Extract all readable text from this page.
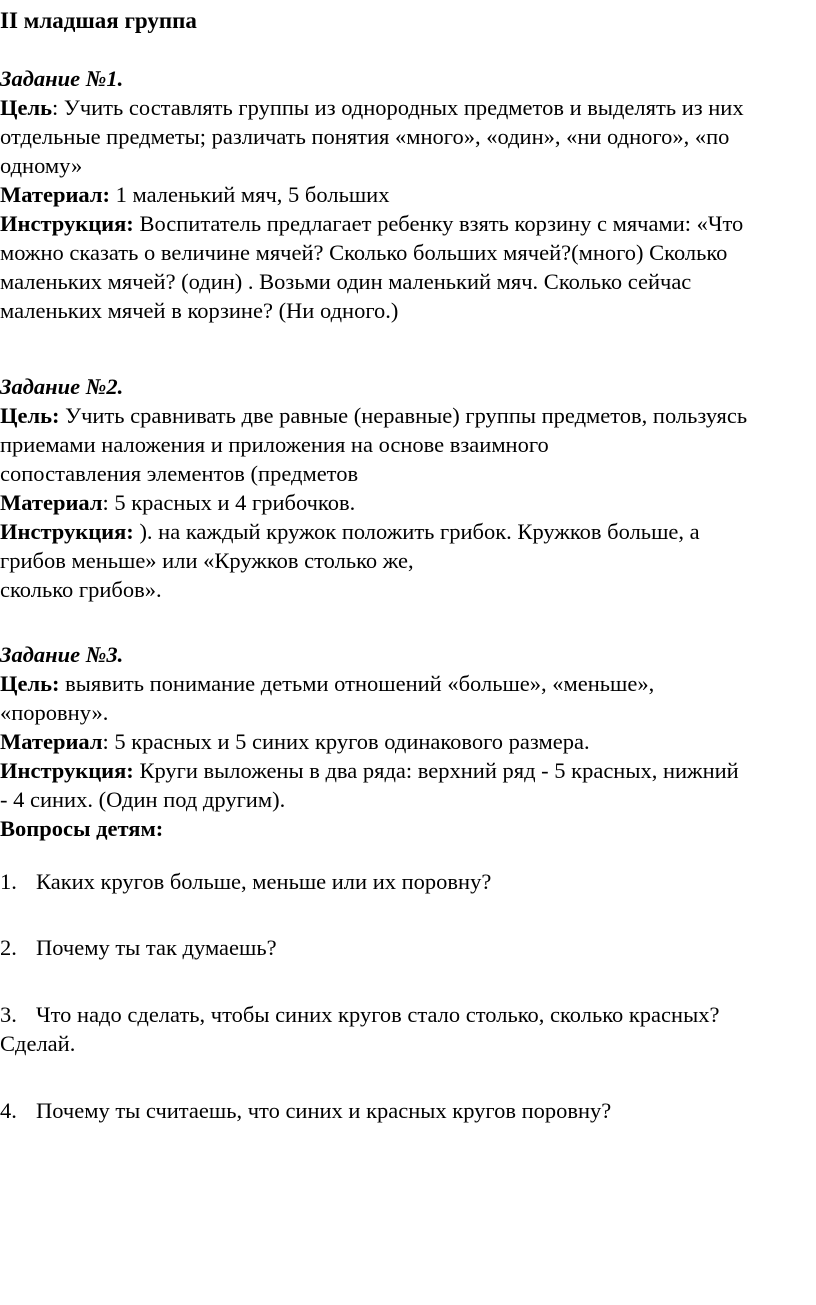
II младшая группа

Задание №1.

Цель: Учить составлять группы из однородных предметов и выделять из них

отдельные предметы; различать понятия «много», «один», «ни одного», «по

одному»

Материал: 1 маленький мяч, 5 больших

Инструкция: Воспитатель предлагает ребенку взять корзину с мячами: «Что

можно сказать о величине мячей? Сколько больших мячей?(много) Сколько

маленьких мячей? (один) . Возьми один маленький мяч. Сколько сейчас

маленьких мячей в корзине? (Ни одного.)

Задание №2.

Цель: Учить сравнивать две равные (неравные) группы предметов, пользуясь

приемами наложения и приложения на основе взаимного

сопоставления элементов (предметов

Материал: 5 красных и 4 грибочков.

Инструкция: ). на каждый кружок положить грибок. Кружков больше, а

грибов меньше» или «Кружков столько же,

сколько грибов».

Задание №3.

Цель: выявить понимание детьми отношений «больше», «меньше»,

«поровну».

Материал: 5 красных и 5 синих кругов одинакового размера.

Инструкция: Круги выложены в два ряда: верхний ряд - 5 красных, нижний

- 4 синих. (Один под другим).

Вопросы детям:

1. Каких кругов больше, меньше или их поровну?
2. Почему ты так думаешь?
3. Что надо сделать, чтобы синих кругов стало столько, сколько красных?
Сделай.
4. Почему ты считаешь, что синих и красных кругов поровну?
